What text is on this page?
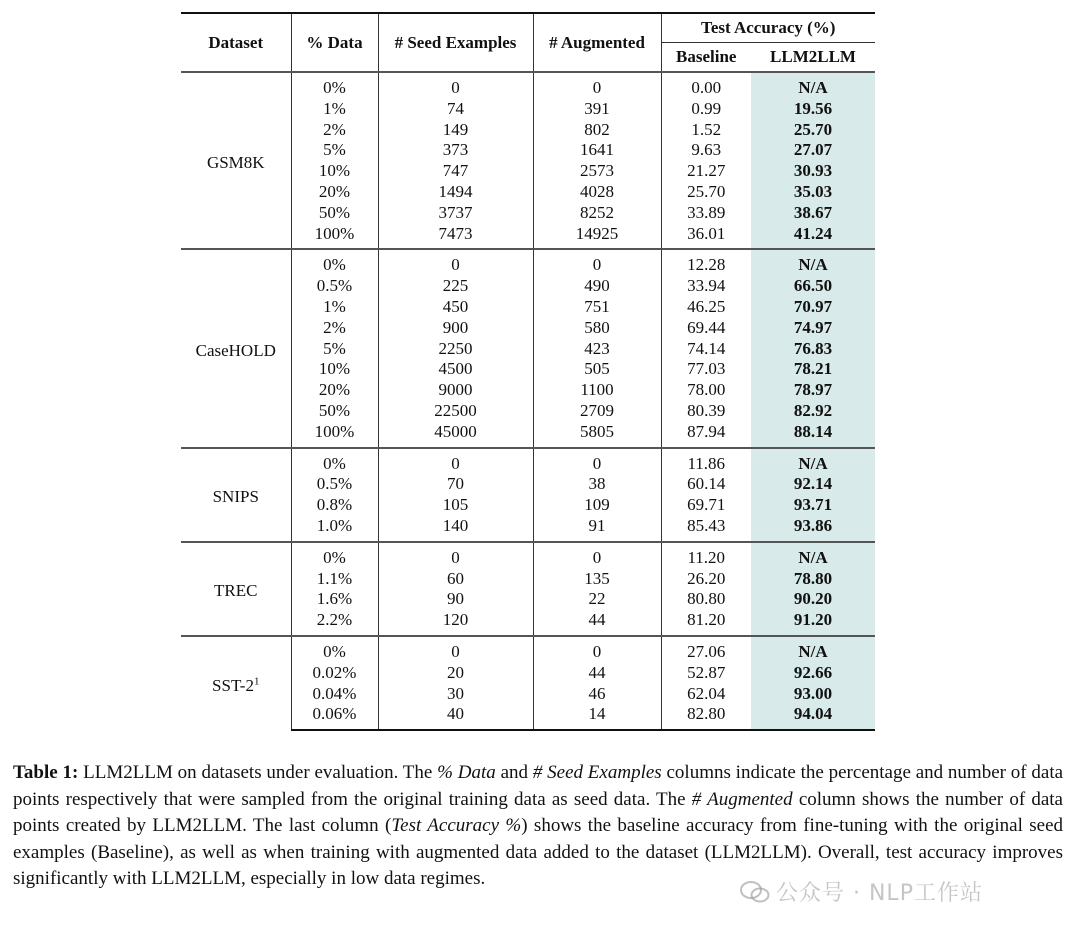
Dataset	% Data	# Seed Examples	# Augmented	Test Accuracy (%)	
				Baseline	LLM2LLM
GSM8K	0%	0	0	0.00	N/A
	1%	74	391	0.99	19.56
	2%	149	802	1.52	25.70
	5%	373	1641	9.63	27.07
	10%	747	2573	21.27	30.93
	20%	1494	4028	25.70	35.03
	50%	3737	8252	33.89	38.67
	100%	7473	14925	36.01	41.24
CaseHOLD	0%	0	0	12.28	N/A
	0.5%	225	490	33.94	66.50
	1%	450	751	46.25	70.97
	2%	900	580	69.44	74.97
	5%	2250	423	74.14	76.83
	10%	4500	505	77.03	78.21
	20%	9000	1100	78.00	78.97
	50%	22500	2709	80.39	82.92
	100%	45000	5805	87.94	88.14
SNIPS	0%	0	0	11.86	N/A
	0.5%	70	38	60.14	92.14
	0.8%	105	109	69.71	93.71
	1.0%	140	91	85.43	93.86
TREC	0%	0	0	11.20	N/A
	1.1%	60	135	26.20	78.80
	1.6%	90	22	80.80	90.20
	2.2%	120	44	81.20	91.20
SST-$2^1$	0%	0	0	27.06	N/A
	0.02%	20	44	52.87	92.66
	0.04%	30	46	62.04	93.00
	0.06%	40	14	82.80	94.04
Table 1: LLM2LLM on datasets under evaluation. The % Data and # Seed Examples columns indicate the percentage and number of data points respectively that were sampled from the original training data as seed data. The # Augmented column shows the number of data points created by LLM2LLM. The last column (Test Accuracy %) shows the baseline accuracy from fine-tuning with the original seed examples (Baseline), as well as when training with augmented data added to the dataset (LLM2LLM). Overall, test accuracy improves significantly with LLM2LLM, especially in low data regimes.
公众号 · NLP工作站
